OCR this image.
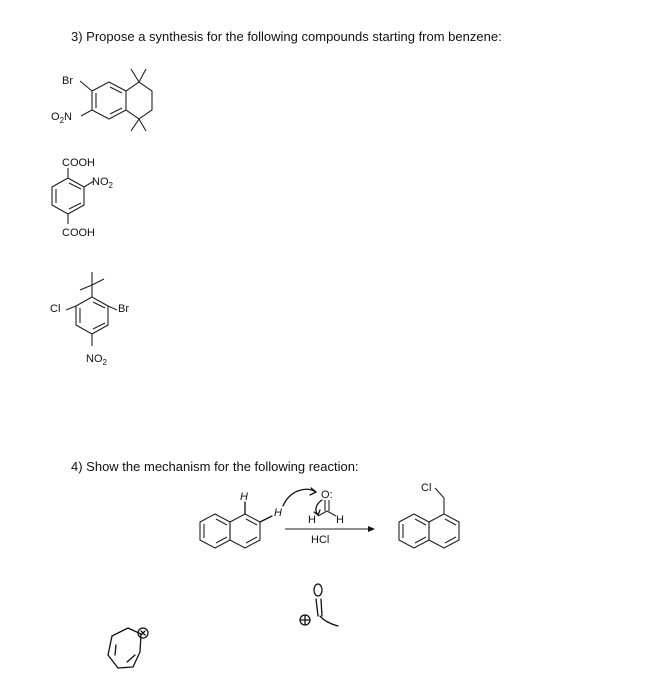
3) Propose a synthesis for the following compounds starting from benzene:
4) Show the mechanism for the following reaction:
Br
$O_2N$
COOH
$NO_2$
COOH
Cl	Br
$NO_2$
H
H
O:
H H
HCl
Cl
